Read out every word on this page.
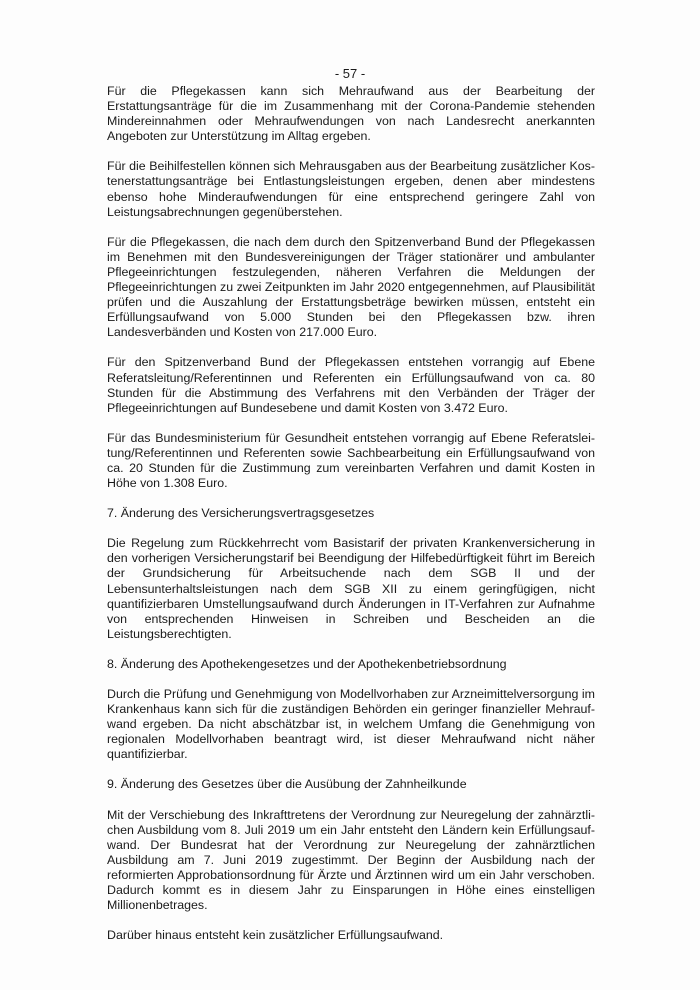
- 57 -

Für die Pflegekassen kann sich Mehraufwand aus der Bearbeitung der Erstattungsanträge für die im Zusammenhang mit der Corona-Pandemie stehenden Mindereinnahmen oder Mehraufwendungen von nach Landesrecht anerkannten Angeboten zur Unterstützung im Alltag ergeben.

Für die Beihilfestellen können sich Mehrausgaben aus der Bearbeitung zusätzlicher Kostenerstattungsanträge bei Entlastungsleistungen ergeben, denen aber mindestens ebenso hohe Minderaufwendungen für eine entsprechend geringere Zahl von Leistungsabrechnungen gegenüberstehen.

Für die Pflegekassen, die nach dem durch den Spitzenverband Bund der Pflegekassen im Benehmen mit den Bundesvereinigungen der Träger stationärer und ambulanter Pflegeeinrichtungen festzulegenden, näheren Verfahren die Meldungen der Pflegeeinrichtungen zu zwei Zeitpunkten im Jahr 2020 entgegennehmen, auf Plausibilität prüfen und die Auszahlung der Erstattungsbeträge bewirken müssen, entsteht ein Erfüllungsaufwand von 5.000 Stunden bei den Pflegekassen bzw. ihren Landesverbänden und Kosten von 217.000 Euro.

Für den Spitzenverband Bund der Pflegekassen entstehen vorrangig auf Ebene Referatsleitung/Referentinnen und Referenten ein Erfüllungsaufwand von ca. 80 Stunden für die Abstimmung des Verfahrens mit den Verbänden der Träger der Pflegeeinrichtungen auf Bundesebene und damit Kosten von 3.472 Euro.

Für das Bundesministerium für Gesundheit entstehen vorrangig auf Ebene Referatsleitung/Referentinnen und Referenten sowie Sachbearbeitung ein Erfüllungsaufwand von ca. 20 Stunden für die Zustimmung zum vereinbarten Verfahren und damit Kosten in Höhe von 1.308 Euro.

7. Änderung des Versicherungsvertragsgesetzes

Die Regelung zum Rückkehrrecht vom Basistarif der privaten Krankenversicherung in den vorherigen Versicherungstarif bei Beendigung der Hilfebedürftigkeit führt im Bereich der Grundsicherung für Arbeitsuchende nach dem SGB II und der Lebensunterhaltsleistungen nach dem SGB XII zu einem geringfügigen, nicht quantifizierbaren Umstellungsaufwand durch Änderungen in IT-Verfahren zur Aufnahme von entsprechenden Hinweisen in Schreiben und Bescheiden an die Leistungsberechtigten.

8. Änderung des Apothekengesetzes und der Apothekenbetriebsordnung

Durch die Prüfung und Genehmigung von Modellvorhaben zur Arzneimittelversorgung im Krankenhaus kann sich für die zuständigen Behörden ein geringer finanzieller Mehraufwand ergeben. Da nicht abschätzbar ist, in welchem Umfang die Genehmigung von regionalen Modellvorhaben beantragt wird, ist dieser Mehraufwand nicht näher quantifizierbar.

9. Änderung des Gesetzes über die Ausübung der Zahnheilkunde

Mit der Verschiebung des Inkrafttretens der Verordnung zur Neuregelung der zahnärztlichen Ausbildung vom 8. Juli 2019 um ein Jahr entsteht den Ländern kein Erfüllungsaufwand. Der Bundesrat hat der Verordnung zur Neuregelung der zahnärztlichen Ausbildung am 7. Juni 2019 zugestimmt. Der Beginn der Ausbildung nach der reformierten Approbationsordnung für Ärzte und Ärztinnen wird um ein Jahr verschoben. Dadurch kommt es in diesem Jahr zu Einsparungen in Höhe eines einstelligen Millionenbetrages.

Darüber hinaus entsteht kein zusätzlicher Erfüllungsaufwand.
